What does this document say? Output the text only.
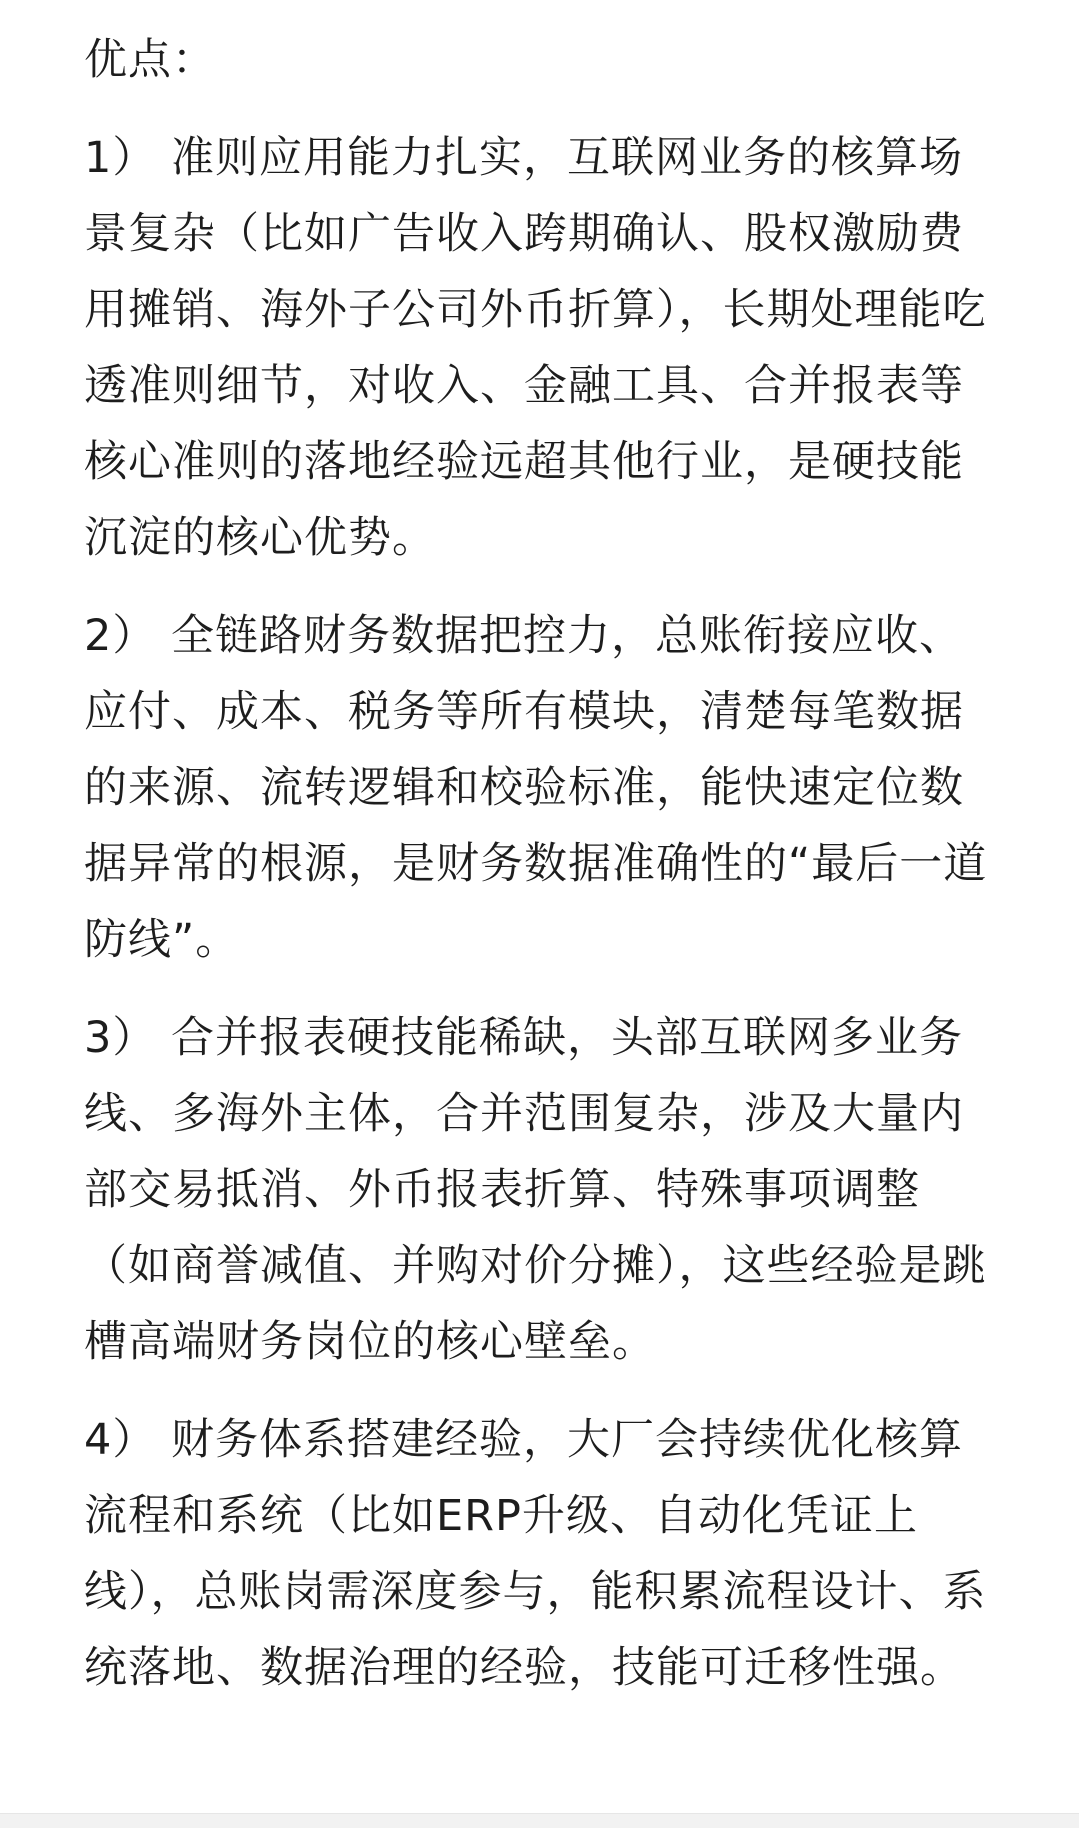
优点：
1） 准则应用能力扎实，互联网业务的核算场景复杂（比如广告收入跨期确认、股权激励费用摊销、海外子公司外币折算），长期处理能吃透准则细节，对收入、金融工具、合并报表等核心准则的落地经验远超其他行业，是硬技能沉淀的核心优势。
2） 全链路财务数据把控力，总账衔接应收、应付、成本、税务等所有模块，清楚每笔数据的来源、流转逻辑和校验标准，能快速定位数据异常的根源，是财务数据准确性的“最后一道防线”。
3） 合并报表硬技能稀缺，头部互联网多业务线、多海外主体，合并范围复杂，涉及大量内部交易抵消、外币报表折算、特殊事项调整（如商誉减值、并购对价分摊），这些经验是跳槽高端财务岗位的核心壁垒。
4） 财务体系搭建经验，大厂会持续优化核算流程和系统（比如ERP升级、自动化凭证上线），总账岗需深度参与，能积累流程设计、系统落地、数据治理的经验，技能可迁移性强。
